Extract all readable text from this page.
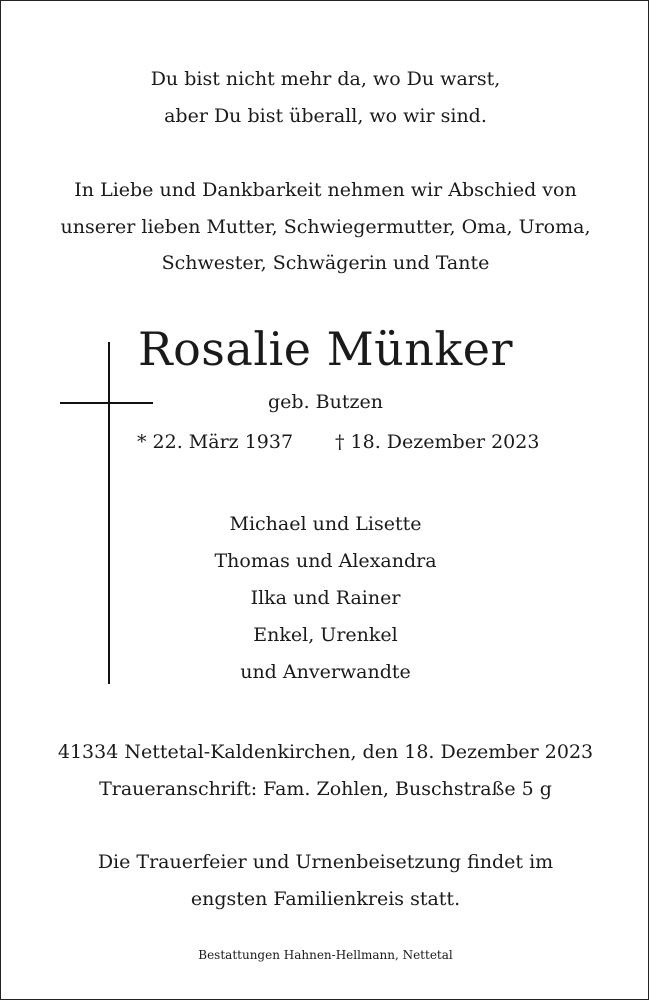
Du bist nicht mehr da, wo Du warst,
aber Du bist überall, wo wir sind.
In Liebe und Dankbarkeit nehmen wir Abschied von
unserer lieben Mutter, Schwiegermutter, Oma, Uroma,
Schwester, Schwägerin und Tante
Rosalie Münker
geb. Butzen
* 22. März 1937 † 18. Dezember 2023
Michael und Lisette
Thomas und Alexandra
Ilka und Rainer
Enkel, Urenkel
und Anverwandte
41334 Nettetal-Kaldenkirchen, den 18. Dezember 2023
Traueranschrift: Fam. Zohlen, Buschstraße 5 g
Die Trauerfeier und Urnenbeisetzung findet im
engsten Familienkreis statt.
Bestattungen Hahnen-Hellmann, Nettetal
